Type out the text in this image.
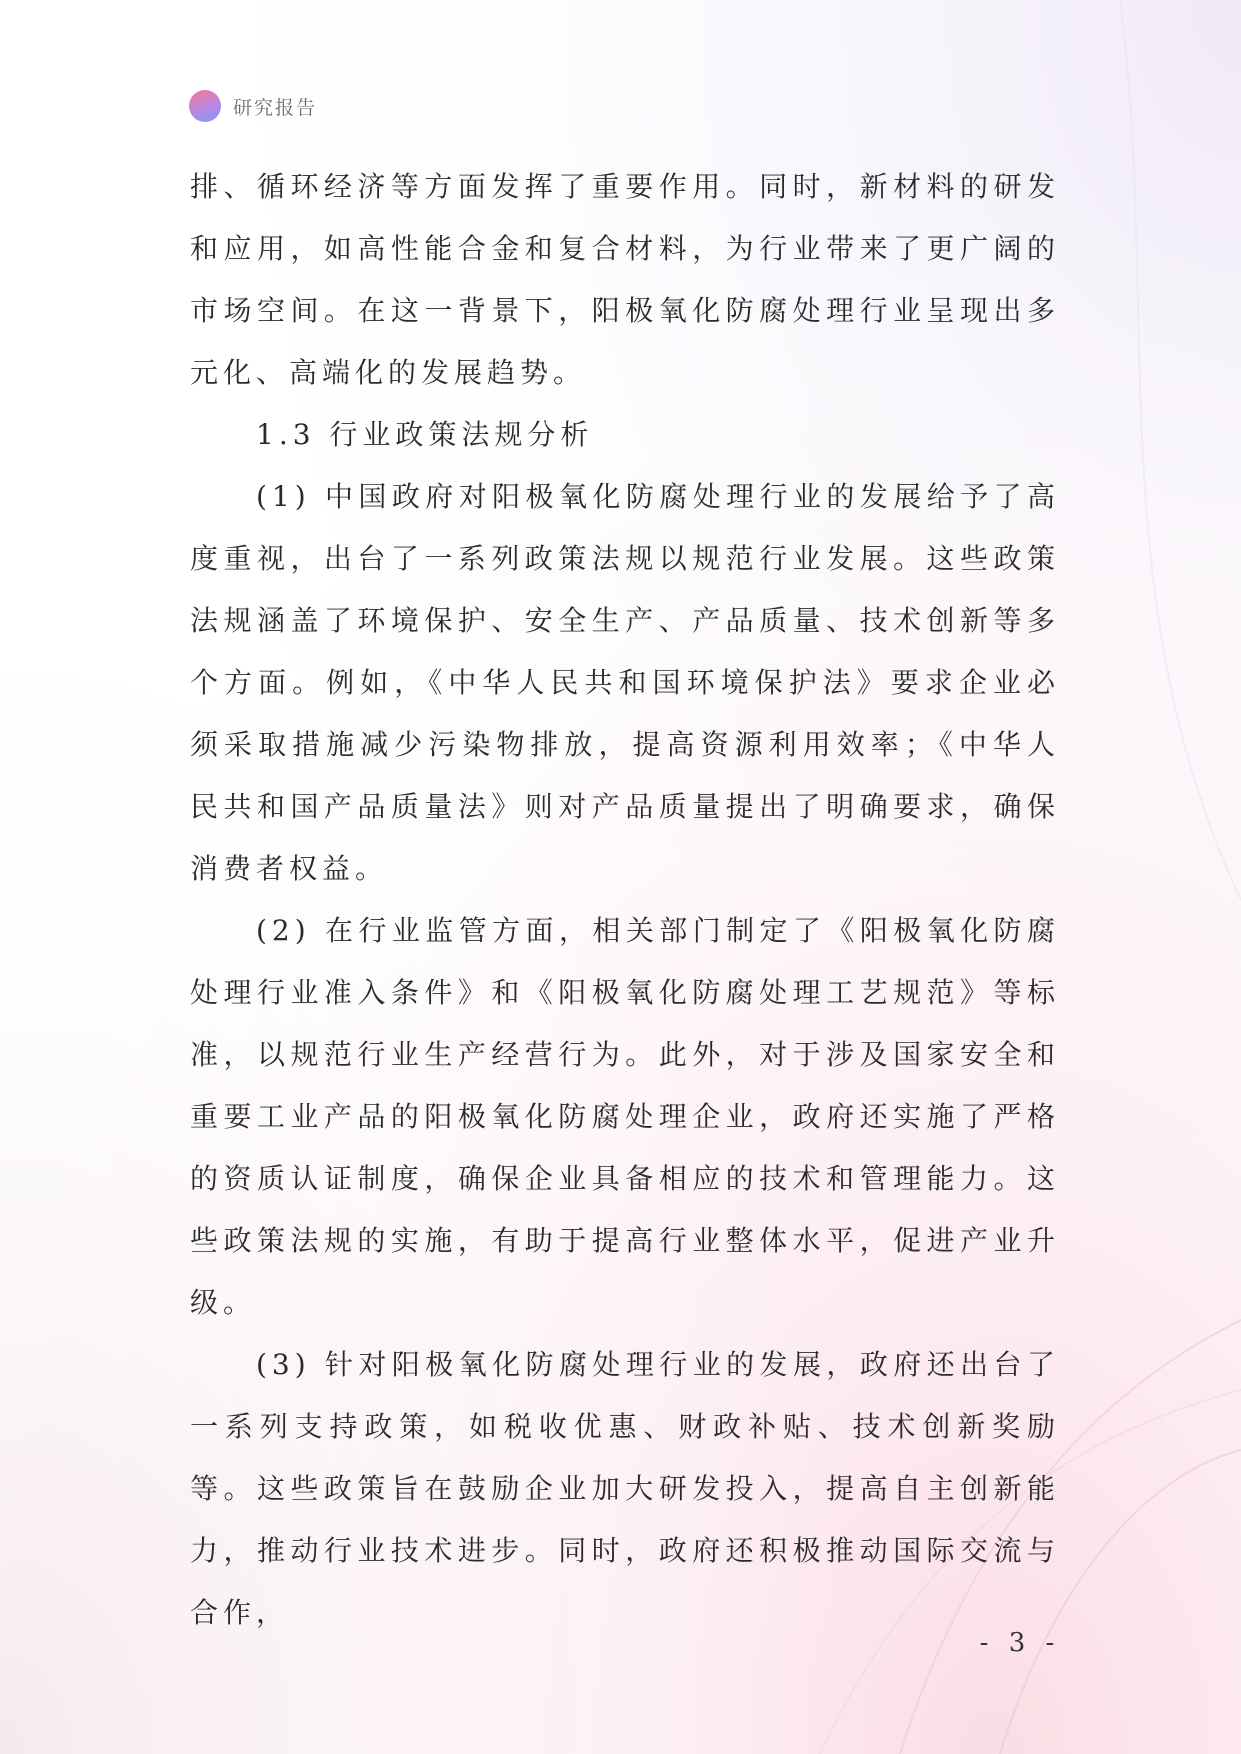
研究报告

排、循环经济等方面发挥了重要作用。同时，新材料的研发和应用，如高性能合金和复合材料，为行业带来了更广阔的市场空间。在这一背景下，阳极氧化防腐处理行业呈现出多元化、高端化的发展趋势。

1.3 行业政策法规分析

(1) 中国政府对阳极氧化防腐处理行业的发展给予了高度重视，出台了一系列政策法规以规范行业发展。这些政策法规涵盖了环境保护、安全生产、产品质量、技术创新等多个方面。例如，《中华人民共和国环境保护法》要求企业必须采取措施减少污染物排放，提高资源利用效率；《中华人民共和国产品质量法》则对产品质量提出了明确要求，确保消费者权益。

(2) 在行业监管方面，相关部门制定了《阳极氧化防腐处理行业准入条件》和《阳极氧化防腐处理工艺规范》等标准，以规范行业生产经营行为。此外，对于涉及国家安全和重要工业产品的阳极氧化防腐处理企业，政府还实施了严格的资质认证制度，确保企业具备相应的技术和管理能力。这些政策法规的实施，有助于提高行业整体水平，促进产业升级。

(3) 针对阳极氧化防腐处理行业的发展，政府还出台了一系列支持政策，如税收优惠、财政补贴、技术创新奖励等。这些政策旨在鼓励企业加大研发投入，提高自主创新能力，推动行业技术进步。同时，政府还积极推动国际交流与合作，

- 3 -
